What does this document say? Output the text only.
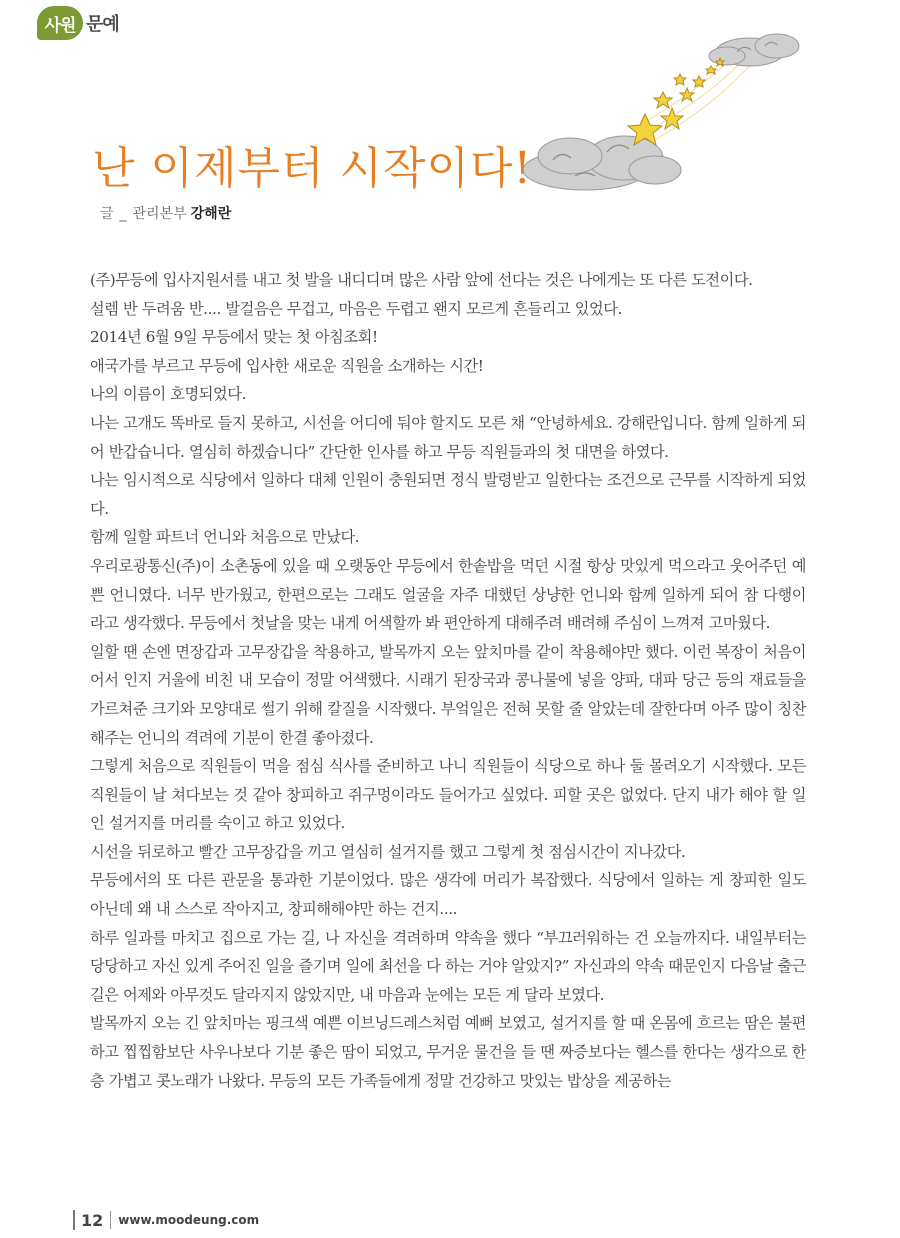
사원 문예
난 이제부터 시작이다!
글 _ 관리본부 강해란

(주)무등에 입사지원서를 내고 첫 발을 내디디며 많은 사람 앞에 선다는 것은 나에게는 또 다른 도전이다.

설렘 반 두려움 반.... 발걸음은 무겁고, 마음은 두렵고 왠지 모르게 흔들리고 있었다.

2014년 6월 9일 무등에서 맞는 첫 아침조회!

애국가를 부르고 무등에 입사한 새로운 직원을 소개하는 시간!

나의 이름이 호명되었다.

나는 고개도 똑바로 들지 못하고, 시선을 어디에 둬야 할지도 모른 채 “안녕하세요. 강해란입니다. 함께 일하게 되어 반갑습니다. 열심히 하겠습니다” 간단한 인사를 하고 무등 직원들과의 첫 대면을 하였다.

나는 임시적으로 식당에서 일하다 대체 인원이 충원되면 정식 발령받고 일한다는 조건으로 근무를 시작하게 되었다.

함께 일할 파트너 언니와 처음으로 만났다.

우리로광통신(주)이 소촌동에 있을 때 오랫동안 무등에서 한솥밥을 먹던 시절 항상 맛있게 먹으라고 웃어주던 예쁜 언니였다. 너무 반가웠고, 한편으로는 그래도 얼굴을 자주 대했던 상냥한 언니와 함께 일하게 되어 참 다행이라고 생각했다. 무등에서 첫날을 맞는 내게 어색할까 봐 편안하게 대해주려 배려해 주심이 느껴져 고마웠다.

일할 땐 손엔 면장갑과 고무장갑을 착용하고, 발목까지 오는 앞치마를 같이 착용해야만 했다. 이런 복장이 처음이어서 인지 거울에 비친 내 모습이 정말 어색했다. 시래기 된장국과 콩나물에 넣을 양파, 대파 당근 등의 재료들을 가르쳐준 크기와 모양대로 썰기 위해 칼질을 시작했다. 부엌일은 전혀 못할 줄 알았는데 잘한다며 아주 많이 칭찬해주는 언니의 격려에 기분이 한결 좋아졌다.

그렇게 처음으로 직원들이 먹을 점심 식사를 준비하고 나니 직원들이 식당으로 하나 둘 몰려오기 시작했다. 모든 직원들이 날 쳐다보는 것 같아 창피하고 쥐구멍이라도 들어가고 싶었다. 피할 곳은 없었다. 단지 내가 해야 할 일인 설거지를 머리를 숙이고 하고 있었다.

시선을 뒤로하고 빨간 고무장갑을 끼고 열심히 설거지를 했고 그렇게 첫 점심시간이 지나갔다.

무등에서의 또 다른 관문을 통과한 기분이었다. 많은 생각에 머리가 복잡했다. 식당에서 일하는 게 창피한 일도 아닌데 왜 내 스스로 작아지고, 창피해해야만 하는 건지....

하루 일과를 마치고 집으로 가는 길, 나 자신을 격려하며 약속을 했다 “부끄러워하는 건 오늘까지다. 내일부터는 당당하고 자신 있게 주어진 일을 즐기며 일에 최선을 다 하는 거야 알았지?” 자신과의 약속 때문인지 다음날 출근길은 어제와 아무것도 달라지지 않았지만, 내 마음과 눈에는 모든 게 달라 보였다.

발목까지 오는 긴 앞치마는 핑크색 예쁜 이브닝드레스처럼 예뻐 보였고, 설거지를 할 때 온몸에 흐르는 땀은 불편하고 찝찝함보단 사우나보다 기분 좋은 땀이 되었고, 무거운 물건을 들 땐 짜증보다는 헬스를 한다는 생각으로 한층 가볍고 콧노래가 나왔다. 무등의 모든 가족들에게 정말 건강하고 맛있는 밥상을 제공하는

12 www.moodeung.com
